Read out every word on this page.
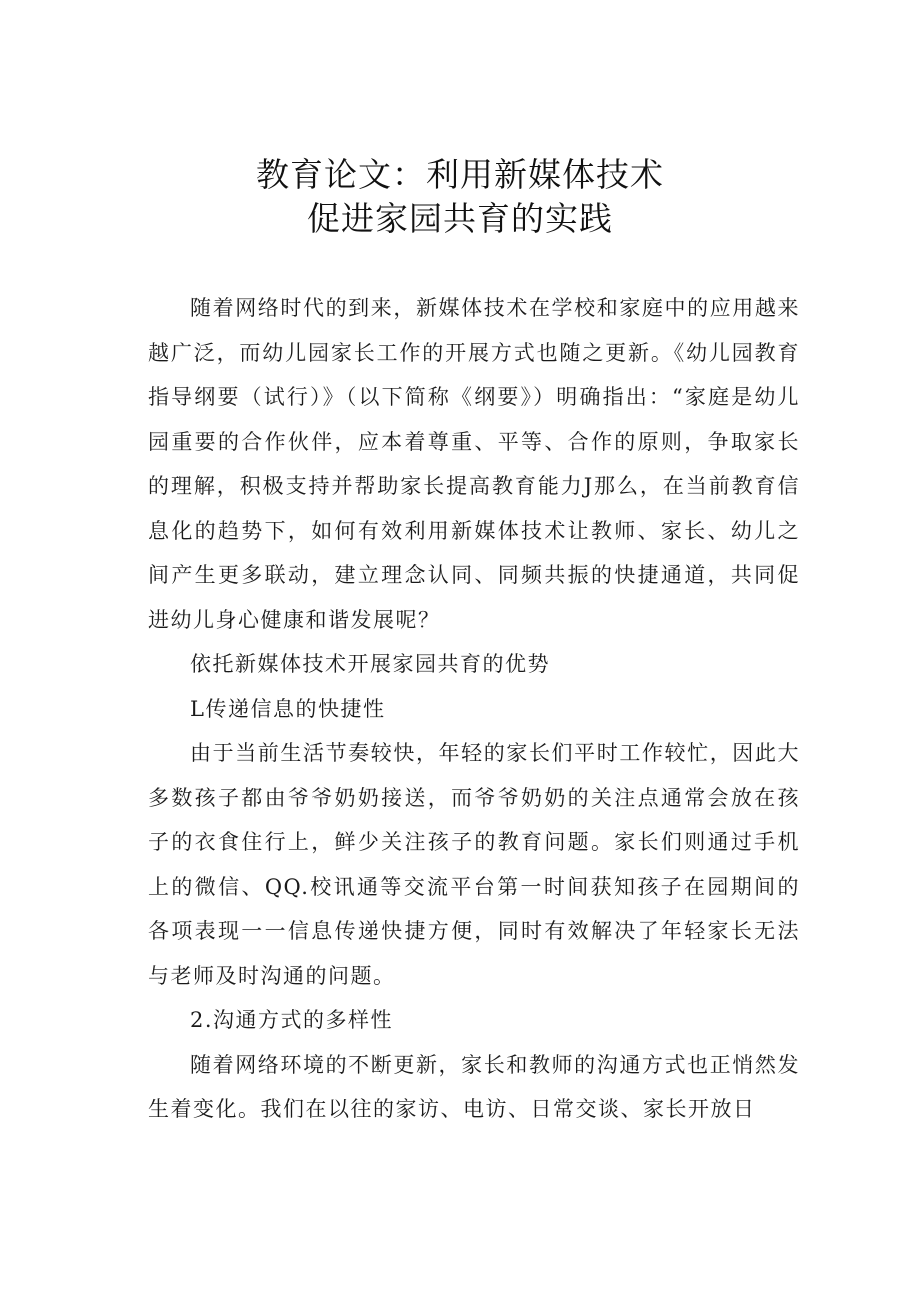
教育论文：利用新媒体技术
促进家园共育的实践

随着网络时代的到来，新媒体技术在学校和家庭中的应用越来越广泛，而幼儿园家长工作的开展方式也随之更新。《幼儿园教育指导纲要（试行）》（以下简称《纲要》）明确指出：“家庭是幼儿园重要的合作伙伴，应本着尊重、平等、合作的原则，争取家长的理解，积极支持并帮助家长提高教育能力J那么，在当前教育信息化的趋势下，如何有效利用新媒体技术让教师、家长、幼儿之间产生更多联动，建立理念认同、同频共振的快捷通道，共同促进幼儿身心健康和谐发展呢？

依托新媒体技术开展家园共育的优势

L传递信息的快捷性

由于当前生活节奏较快，年轻的家长们平时工作较忙，因此大多数孩子都由爷爷奶奶接送，而爷爷奶奶的关注点通常会放在孩子的衣食住行上，鲜少关注孩子的教育问题。家长们则通过手机上的微信、QQ.校讯通等交流平台第一时间获知孩子在园期间的各项表现一一信息传递快捷方便，同时有效解决了年轻家长无法与老师及时沟通的问题。

2.沟通方式的多样性

随着网络环境的不断更新，家长和教师的沟通方式也正悄然发生着变化。我们在以往的家访、电访、日常交谈、家长开放日
